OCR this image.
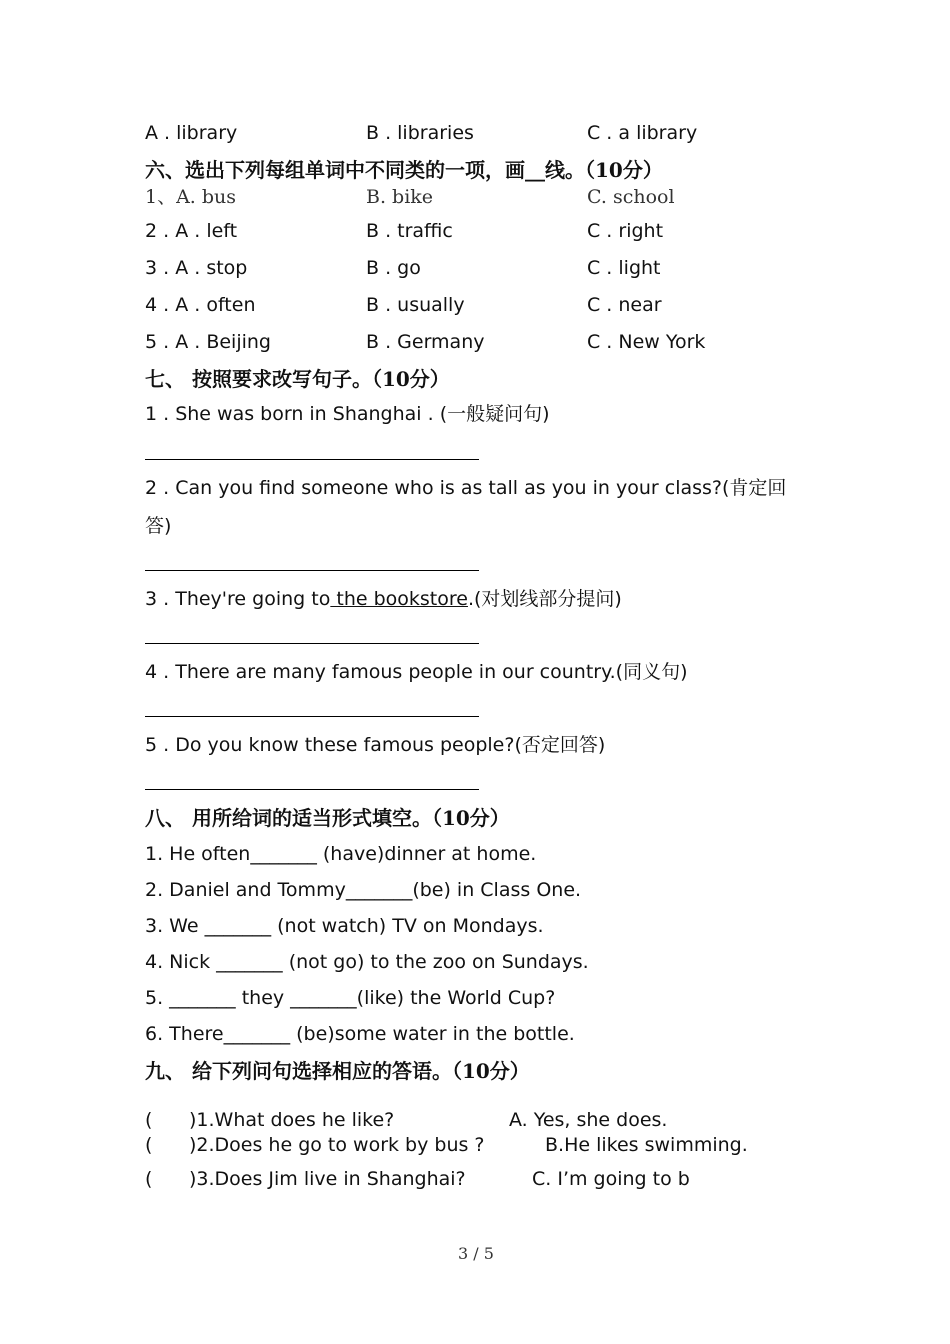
A . library	B . libraries	C . a library
六、选出下列每组单词中不同类的一项，画__线。（10分）
1、A. bus	B. bike	C. school
2 . A . left	B . traffic	C . right
3 . A . stop	B . go	C . light
4 . A . often	B . usually	C . near
5 . A . Beijing	B . Germany	C . New York
七、 按照要求改写句子。（10分）
1 . She was born in Shanghai . (一般疑问句)
2 . Can you find someone who is as tall as you in your class?(肯定回
答)
3 . They're going to the bookstore.(对划线部分提问)
4 . There are many famous people in our country.(同义句)
5 . Do you know these famous people?(否定回答)
八、 用所给词的适当形式填空。（10分）
1. He often_______ (have)dinner at home.
2. Daniel and Tommy_______(be) in Class One.
3. We _______ (not watch) TV on Mondays.
4. Nick _______ (not go) to the zoo on Sundays.
5. _______ they _______(like) the World Cup?
6. There_______ (be)some water in the bottle.
九、 给下列问句选择相应的答语。（10分）
( )1.What does he like?	A. Yes, she does.
( )2.Does he go to work by bus ?	B.He likes swimming.
( )3.Does Jim live in Shanghai?	C. I’m going to b
3 / 5
